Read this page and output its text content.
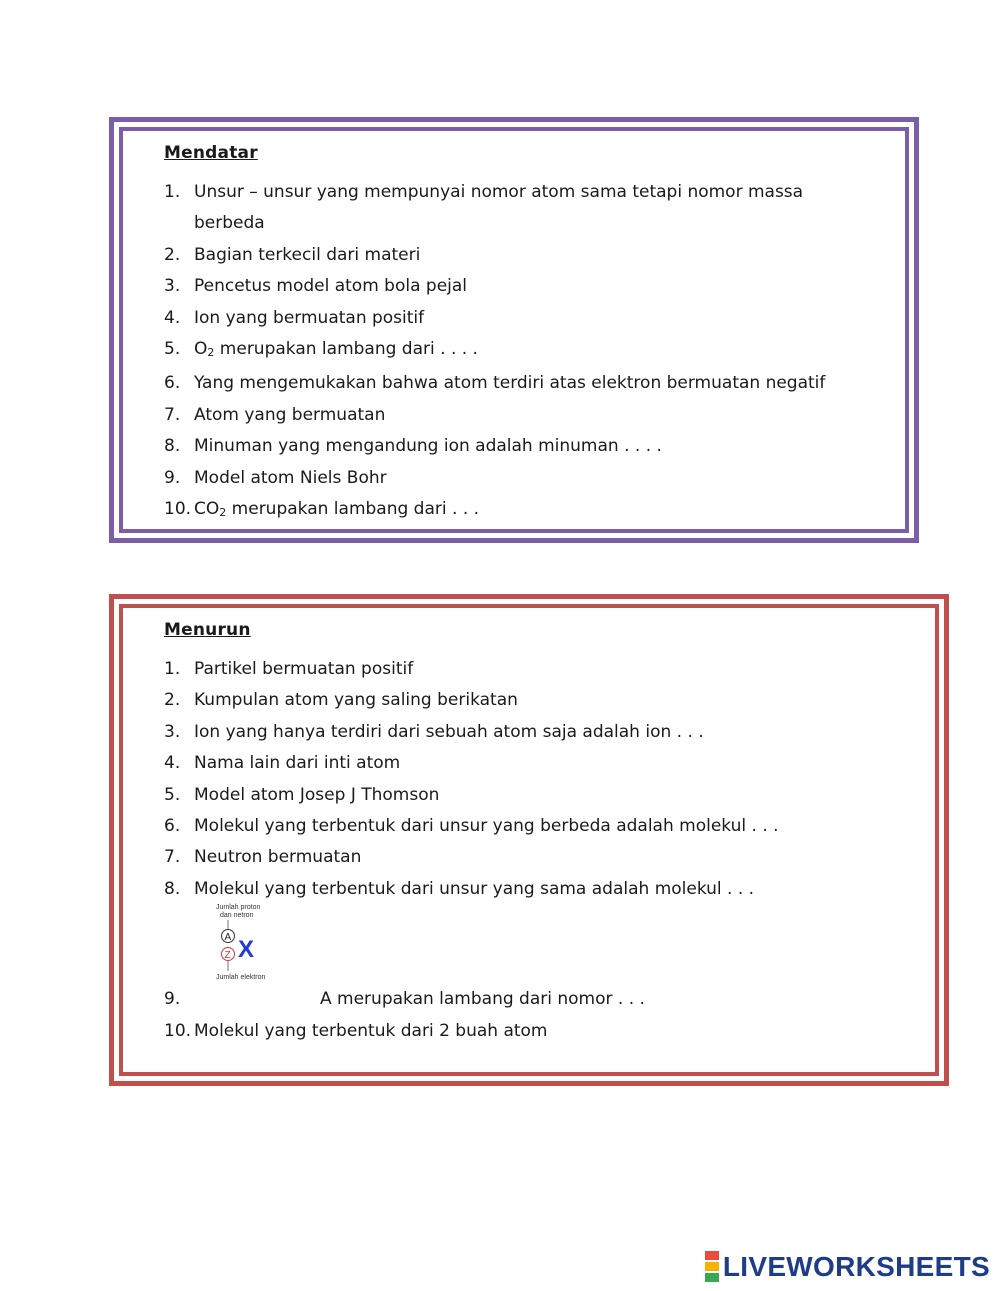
Mendatar
1. Unsur – unsur yang mempunyai nomor atom sama tetapi nomor massa berbeda
2. Bagian terkecil dari materi
3. Pencetus model atom bola pejal
4. Ion yang bermuatan positif
5. $O_2$ merupakan lambang dari . . . .
6. Yang mengemukakan bahwa atom terdiri atas elektron bermuatan negatif
7. Atom yang bermuatan
8. Minuman yang mengandung ion adalah minuman . . . .
9. Model atom Niels Bohr
10. $CO_2$ merupakan lambang dari . . .
Menurun
1. Partikel bermuatan positif
2. Kumpulan atom yang saling berikatan
3. Ion yang hanya terdiri dari sebuah atom saja adalah ion . . .
4. Nama lain dari inti atom
5. Model atom Josep J Thomson
6. Molekul yang terbentuk dari unsur yang berbeda adalah molekul . . .
7. Neutron bermuatan
8. Molekul yang terbentuk dari unsur yang sama adalah molekul . . .
9.
Jumlah proton
dan netron
A
Z X
Jumlah elektron
A merupakan lambang dari nomor . . .
10. Molekul yang terbentuk dari 2 buah atom
LIVEWORKSHEETS
